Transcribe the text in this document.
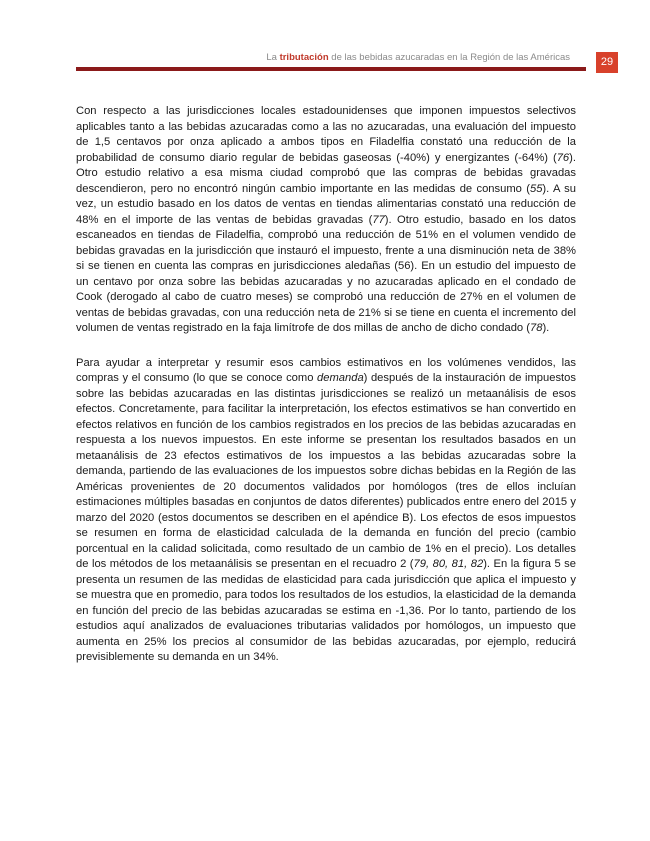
La tributación de las bebidas azucaradas en la Región de las Américas	29

Con respecto a las jurisdicciones locales estadounidenses que imponen impuestos selectivos aplicables tanto a las bebidas azucaradas como a las no azucaradas, una evaluación del impuesto de 1,5 centavos por onza aplicado a ambos tipos en Filadelfia constató una reducción de la probabilidad de consumo diario regular de bebidas gaseosas (-40%) y energizantes (-64%) (76). Otro estudio relativo a esa misma ciudad comprobó que las compras de bebidas gravadas descendieron, pero no encontró ningún cambio importante en las medidas de consumo (55). A su vez, un estudio basado en los datos de ventas en tiendas alimentarias constató una reducción de 48% en el importe de las ventas de bebidas gravadas (77). Otro estudio, basado en los datos escaneados en tiendas de Filadelfia, comprobó una reducción de 51% en el volumen vendido de bebidas gravadas en la jurisdicción que instauró el impuesto, frente a una disminución neta de 38% si se tienen en cuenta las compras en jurisdicciones aledañas (56). En un estudio del impuesto de un centavo por onza sobre las bebidas azucaradas y no azucaradas aplicado en el condado de Cook (derogado al cabo de cuatro meses) se comprobó una reducción de 27% en el volumen de ventas de bebidas gravadas, con una reducción neta de 21% si se tiene en cuenta el incremento del volumen de ventas registrado en la faja limítrofe de dos millas de ancho de dicho condado (78).

Para ayudar a interpretar y resumir esos cambios estimativos en los volúmenes vendidos, las compras y el consumo (lo que se conoce como demanda) después de la instauración de impuestos sobre las bebidas azucaradas en las distintas jurisdicciones se realizó un metaanálisis de esos efectos. Concretamente, para facilitar la interpretación, los efectos estimativos se han convertido en efectos relativos en función de los cambios registrados en los precios de las bebidas azucaradas en respuesta a los nuevos impuestos. En este informe se presentan los resultados basados en un metaanálisis de 23 efectos estimativos de los impuestos a las bebidas azucaradas sobre la demanda, partiendo de las evaluaciones de los impuestos sobre dichas bebidas en la Región de las Américas provenientes de 20 documentos validados por homólogos (tres de ellos incluían estimaciones múltiples basadas en conjuntos de datos diferentes) publicados entre enero del 2015 y marzo del 2020 (estos documentos se describen en el apéndice B). Los efectos de esos impuestos se resumen en forma de elasticidad calculada de la demanda en función del precio (cambio porcentual en la calidad solicitada, como resultado de un cambio de 1% en el precio). Los detalles de los métodos de los metaanálisis se presentan en el recuadro 2 (79, 80, 81, 82). En la figura 5 se presenta un resumen de las medidas de elasticidad para cada jurisdicción que aplica el impuesto y se muestra que en promedio, para todos los resultados de los estudios, la elasticidad de la demanda en función del precio de las bebidas azucaradas se estima en -1,36. Por lo tanto, partiendo de los estudios aquí analizados de evaluaciones tributarias validados por homólogos, un impuesto que aumenta en 25% los precios al consumidor de las bebidas azucaradas, por ejemplo, reducirá previsiblemente su demanda en un 34%.
